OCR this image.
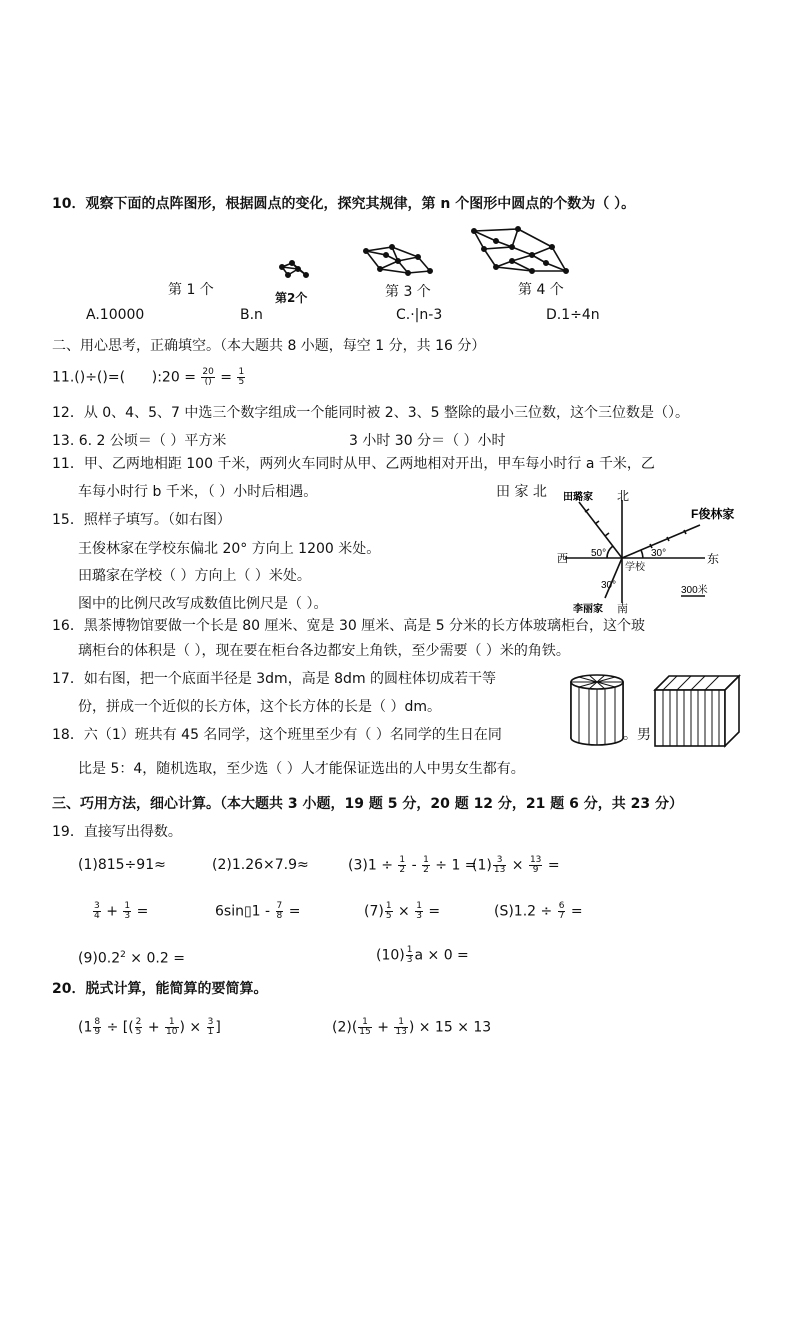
10．观察下面的点阵图形，根据圆点的变化，探究其规律，第 n 个图形中圆点的个数为（ ）。
第 1 个	第2个	第 3 个	第 4 个
A.10000	B.n	C.·|n-3	D.1÷4n
二、用心思考，正确填空。（本大题共 8 小题，每空 1 分，共 16 分）
11.()÷()=( ):20 = $\frac{20}{()} = \frac{1}{5}$
12．从 0、4、5、7 中选三个数字组成一个能同时被 2、3、5 整除的最小三位数，这个三位数是（）。
13. 6. 2 公顷＝（ ）平方米	3 小时 30 分＝（ ）小时
11．甲、乙两地相距 100 千米，两列火车同时从甲、乙两地相对开出，甲车每小时行 a 千米，乙
车每小时行 b 千米，（ ）小时后相遇。	田 家 北
15．照样子填写。（如右图）
王俊林家在学校东偏北 20° 方向上 1200 米处。
田璐家在学校（ ）方向上（ ）米处。
图中的比例尺改写成数值比例尺是（ ）。
田璐家 北
F俊林家
西	东
50°	30°
学校
30°
李丽家 南
300米
16．黑茶博物馆要做一个长是 80 厘米、宽是 30 厘米、高是 5 分米的长方体玻璃柜台，这个玻
璃柜台的体积是（ ），现在要在柜台各边都安上角铁，至少需要（ ）米的角铁。
17．如右图，把一个底面半径是 3dm，高是 8dm 的圆柱体切成若干等
份，拼成一个近似的长方体，这个长方体的长是（ ）dm。
18．六（1）班共有 45 名同学，这个班里至少有（ ）名同学的生日在同	。男
比是 5：4，随机选取，至少选（ ）人才能保证选出的人中男女生都有。
三、巧用方法，细心计算。（本大题共 3 小题，19 题 5 分，20 题 12 分，21 题 6 分，共 23 分）
19．直接写出得数。
(1)815÷91≈	(2)1.26×7.9≈	$(3)1 \div \frac{1}{2} - \frac{1}{2} \div 1$ =
$(1) \frac{3}{13} \times \frac{13}{9}$ =
$\frac{3}{4} + \frac{1}{3}$ =	6sin▯1 - $\frac{7}{8}$ =	$(7) \frac{1}{5} \times \frac{1}{3}$ =	$(S)1.2 \div \frac{6}{7}$ =
$(9)0.2^2 \times 0.2$ =	$(10) \frac{1}{3}$ a × 0 =
20．脱式计算，能简算的要简算。
($1 \frac{8}{9}$ ÷ [( $\frac{2}{5} + \frac{1}{10}$ ) × $\frac{3}{1}$ ]	$(2)( \frac{1}{15} + \frac{1}{13}$ ) × 15 × 13
